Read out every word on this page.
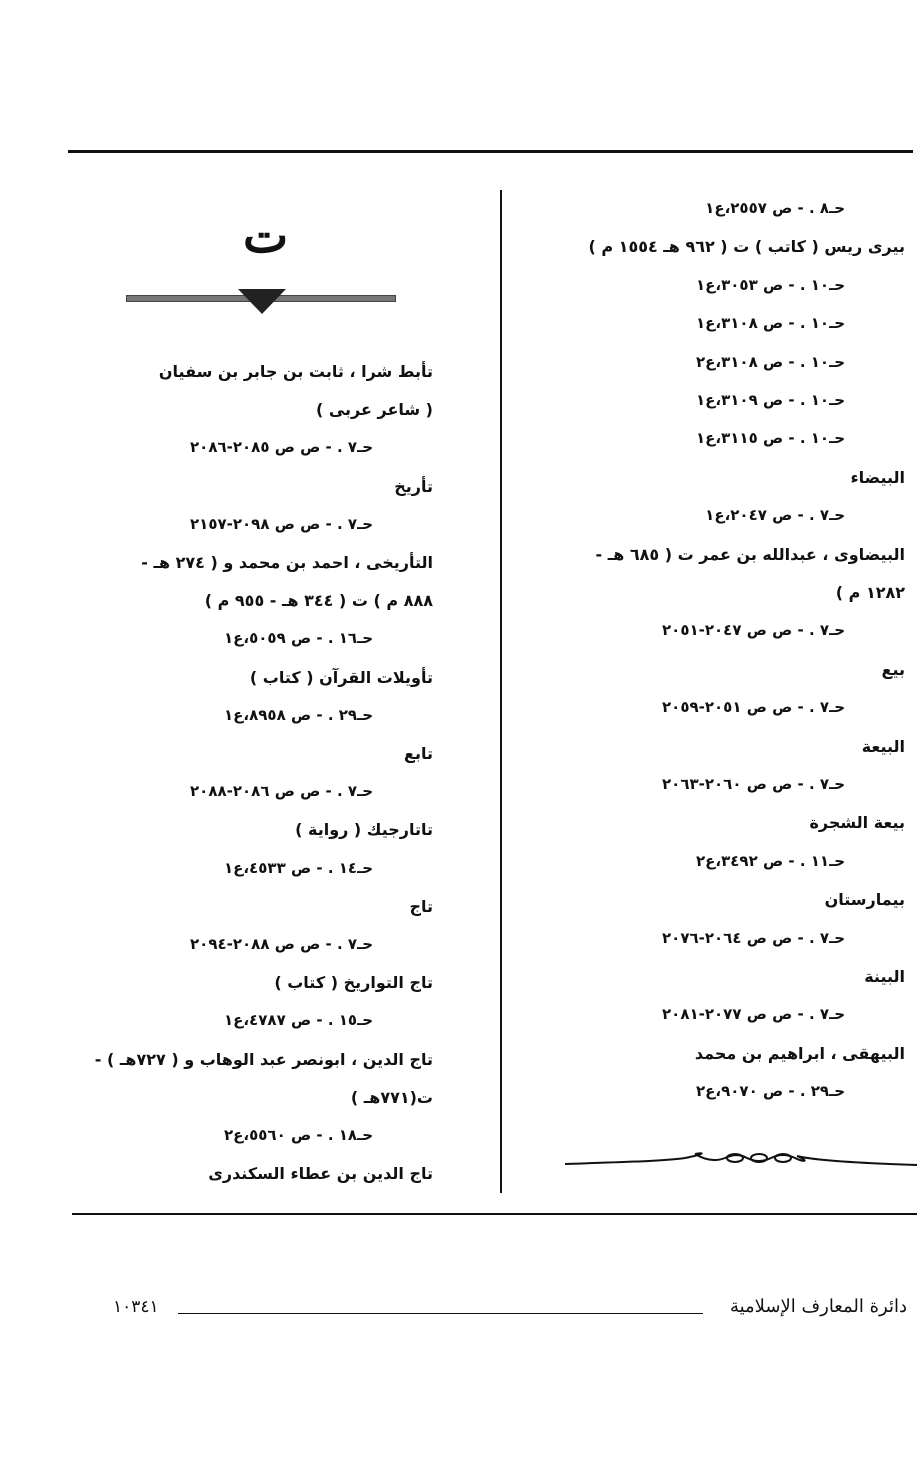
حـ٨ . - ص ٢٥٥٧،ع١
بيرى ريس ( كاتب ) ت ( ٩٦٢ هـ ١٥٥٤ م )
حـ١٠ . - ص ٣٠٥٣،ع١
حـ١٠ . - ص ٣١٠٨،ع١
حـ١٠ . - ص ٣١٠٨،ع٢
حـ١٠ . - ص ٣١٠٩،ع١
حـ١٠ . - ص ٣١١٥،ع١
البيضاء
حـ٧ . - ص ٢٠٤٧،ع١
البيضاوى ، عبدالله بن عمر ت ( ٦٨٥ هـ -
١٢٨٢ م )
حـ٧ . - ص ص ٢٠٤٧-٢٠٥١
بيع
حـ٧ . - ص ص ٢٠٥١-٢٠٥٩
البيعة
حـ٧ . - ص ص ٢٠٦٠-٢٠٦٣
بيعة الشجرة
حـ١١ . - ص ٣٤٩٢،ع٢
بيمارستان
حـ٧ . - ص ص ٢٠٦٤-٢٠٧٦
البينة
حـ٧ . - ص ص ٢٠٧٧-٢٠٨١
البيهقى ، ابراهيم بن محمد
حـ٢٩ . - ص ٩٠٧٠،ع٢
ت
تأبط شرا ، ثابت بن جابر بن سفيان
( شاعر عربى )
حـ٧ . - ص ص ٢٠٨٥-٢٠٨٦
تأريخ
حـ٧ . - ص ص ٢٠٩٨-٢١٥٧
التأريخى ، احمد بن محمد و ( ٢٧٤ هـ -
٨٨٨ م ) ت ( ٣٤٤ هـ - ٩٥٥ م )
حـ١٦ . - ص ٥٠٥٩،ع١
تأويلات القرآن ( كتاب )
حـ٢٩ . - ص ٨٩٥٨،ع١
تابع
حـ٧ . - ص ص ٢٠٨٦-٢٠٨٨
تاتارجيك ( رواية )
حـ١٤ . - ص ٤٥٣٣،ع١
تاج
حـ٧ . - ص ص ٢٠٨٨-٢٠٩٤
تاج التواريخ ( كتاب )
حـ١٥ . - ص ٤٧٨٧،ع١
تاج الدين ، ابونصر عبد الوهاب و ( ٧٢٧هـ ) -
ت(٧٧١هـ )
حـ١٨ . - ص ٥٥٦٠،ع٢
تاج الدين بن عطاء السكندرى
دائرة المعارف الإسلامية
١٠٣٤١
